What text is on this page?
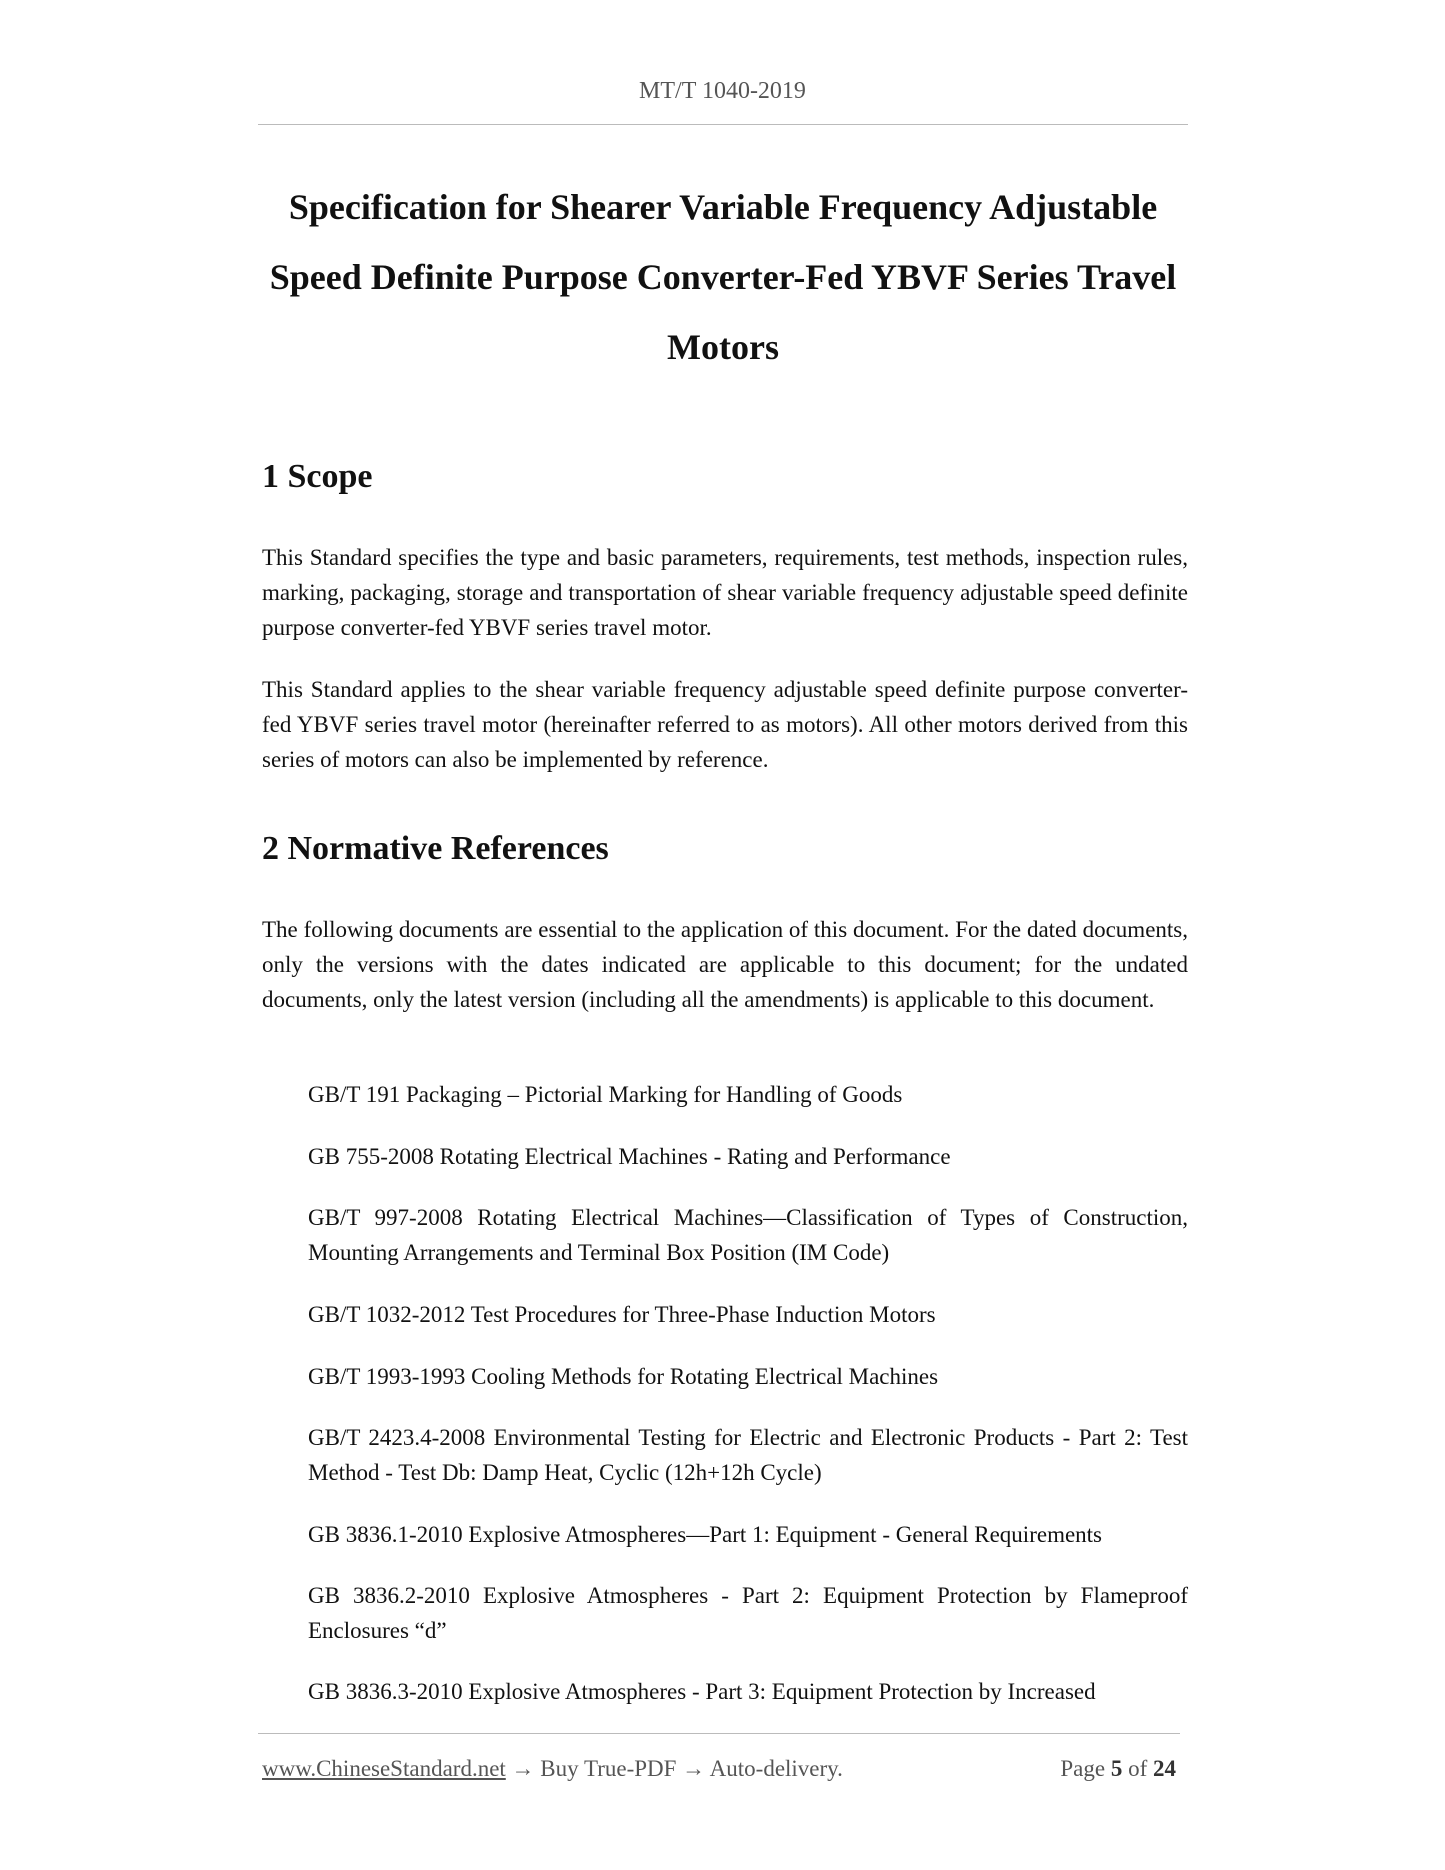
MT/T 1040-2019
Specification for Shearer Variable Frequency Adjustable Speed Definite Purpose Converter-Fed YBVF Series Travel Motors
1 Scope

This Standard specifies the type and basic parameters, requirements, test methods, inspection rules, marking, packaging, storage and transportation of shear variable frequency adjustable speed definite purpose converter-fed YBVF series travel motor.

This Standard applies to the shear variable frequency adjustable speed definite purpose converter-fed YBVF series travel motor (hereinafter referred to as motors). All other motors derived from this series of motors can also be implemented by reference.

2 Normative References

The following documents are essential to the application of this document. For the dated documents, only the versions with the dates indicated are applicable to this document; for the undated documents, only the latest version (including all the amendments) is applicable to this document.

GB/T 191 Packaging – Pictorial Marking for Handling of Goods

GB 755-2008 Rotating Electrical Machines - Rating and Performance

GB/T 997-2008 Rotating Electrical Machines—Classification of Types of Construction, Mounting Arrangements and Terminal Box Position (IM Code)

GB/T 1032-2012 Test Procedures for Three-Phase Induction Motors

GB/T 1993-1993 Cooling Methods for Rotating Electrical Machines

GB/T 2423.4-2008 Environmental Testing for Electric and Electronic Products - Part 2: Test Method - Test Db: Damp Heat, Cyclic (12h+12h Cycle)

GB 3836.1-2010 Explosive Atmospheres—Part 1: Equipment - General Requirements

GB 3836.2-2010 Explosive Atmospheres - Part 2: Equipment Protection by Flameproof Enclosures “d”

GB 3836.3-2010 Explosive Atmospheres - Part 3: Equipment Protection by Increased

www.ChineseStandard.net → Buy True-PDF → Auto-delivery.	Page 5 of 24
